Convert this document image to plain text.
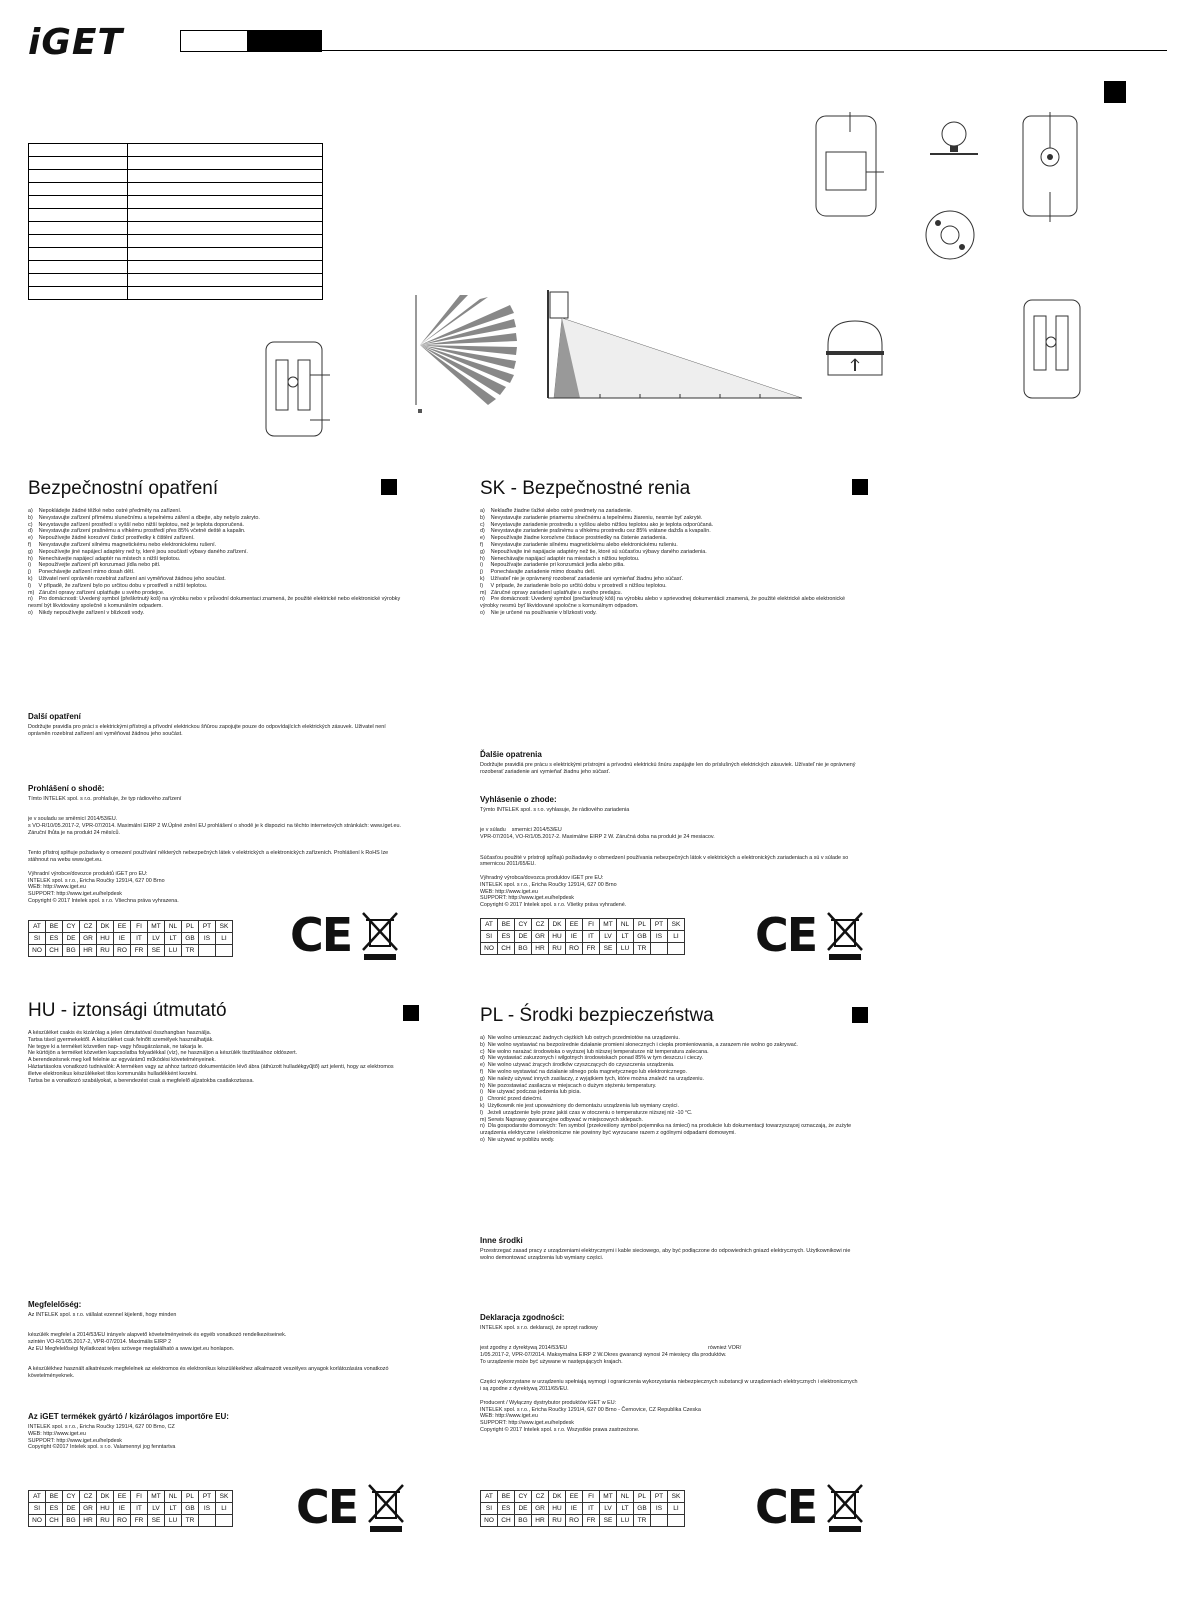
iGET

Bezpečnostní opatření
a)    Nepokládejte žádné těžké nebo ostré předměty na zařízení.
b)    Nevystavujte zařízení přímému slunečnímu a tepelnému záření a dbejte, aby nebylo zakryto.
c)    Nevystavujte zařízení prostředí s vyšší nebo nižší teplotou, než je teplota doporučená.
d)    Nevystavujte zařízení prašnému a vlhkému prostředí přes 85% včetně deště a kapalin.
e)    Nepoužívejte žádné korozivní čisticí prostředky k čištění zařízení.
f)     Nevystavujte zařízení silnému magnetickému nebo elektronickému rušení.
g)    Nepoužívejte jiné napájecí adaptéry než ty, které jsou součástí výbavy daného zařízení.
h)    Nenechávejte napájecí adaptér na místech s nižší teplotou.
i)     Nepoužívejte zařízení při konzumaci jídla nebo pití.
j)     Ponechávejte zařízení mimo dosah dětí.
k)    Uživatel není oprávněn rozebírat zařízení ani vyměňovat žádnou jeho součást.
l)     V případě, že zařízení bylo po určitou dobu v prostředí s nižší teplotou.
m)   Záruční opravy zařízení uplatňujte u svého prodejce.
n)    Pro domácnosti: Uvedený symbol (přeškrtnutý koš) na výrobku nebo v průvodní dokumentaci znamená, že použité elektrické nebo elektronické výrobky nesmí být likvidovány společně s komunálním odpadem.
o)    Nikdy nepoužívejte zařízení v blízkosti vody.
Další opatření
Dodržujte pravidla pro práci s elektrickými přístroji a přívodní elektrickou šňůrou zapojujte pouze do odpovídajících elektrických zásuvek. Uživatel není oprávněn rozebírat zařízení ani vyměňovat žádnou jeho součást.
Prohlášení o shodě:
Tímto INTELEK spol. s r.o. prohlašuje, že typ rádiového zařízení

je v souladu se směrnicí 2014/53/EU.
s VO-R/10/05.2017-2, VPR-07/2014. Maximální EIRP 2 W.Úplné znění EU prohlášení o shodě je k dispozici na těchto internetových stránkách: www.iget.eu. Záruční lhůta je na produkt 24 měsíců.

Tento přístroj splňuje požadavky o omezení používání některých nebezpečných látek v elektrických a elektronických zařízeních. Prohlášení k RoHS lze stáhnout na webu www.iget.eu.

Výhradní výrobce/dovozce produktů iGET pro EU:
INTELEK spol. s r.o., Ericha Roučky 1291/4, 627 00 Brno
WEB: http://www.iget.eu
SUPPORT: http://www.iget.eu/helpdesk
Copyright © 2017 Intelek spol. s r.o. Všechna práva vyhrazena.
AT	BE	CY	CZ	DK	EE	FI	MT	NL	PL	PT	SK
SI	ES	DE	GR	HU	IE	IT	LV	LT	GB	IS	LI
NO	CH	BG	HR	RU	RO	FR	SE	LU	TR		CE
SK - Bezpečnostné renia
a)    Neklaďte žiadne ťažké alebo ostré predmety na zariadenie.
b)    Nevystavujte zariadenie priamemu slnečnému a tepelnému žiareniu, nesmie byť zakryté.
c)    Nevystavujte zariadenie prostrediu s vyššou alebo nižšou teplotou ako je teplota odporúčaná.
d)    Nevystavujte zariadenie prašnému a vlhkému prostrediu cez 85% vrátane dažďa a kvapalín.
e)    Nepoužívajte žiadne korozívne čistiace prostriedky na čistenie zariadenia.
f)     Nevystavujte zariadenie silnému magnetickému alebo elektronickému rušeniu.
g)    Nepoužívajte iné napájacie adaptéry než tie, ktoré sú súčasťou výbavy daného zariadenia.
h)    Nenechávajte napájací adaptér na miestach s nižšou teplotou.
i)     Nepoužívajte zariadenie pri konzumácii jedla alebo pitia.
j)     Ponechávajte zariadenie mimo dosahu detí.
k)    Užívateľ nie je oprávnený rozoberať zariadenie ani vymieňať žiadnu jeho súčasť.
l)     V prípade, že zariadenie bolo po určitú dobu v prostredí s nižšou teplotou.
m)   Záručné opravy zariadení uplatňujte u svojho predajcu.
n)    Pre domácnosti: Uvedený symbol (prečiarknutý kôš) na výrobku alebo v sprievodnej dokumentácii znamená, že použité elektrické alebo elektronické výrobky nesmú byť likvidované spoločne s komunálnym odpadom.
o)    Nie je určené na používanie v blízkosti vody.
Ďalšie opatrenia
Dodržujte pravidlá pre prácu s elektrickými prístrojmi a prívodnú elektrickú šnúru zapájajte len do príslušných elektrických zásuviek. Užívateľ nie je oprávnený rozoberať zariadenie ani vymieňať žiadnu jeho súčasť.
Vyhlásenie o zhode:
Týmto INTELEK spol. s r.o. vyhlasuje, že rádiového zariadenia

je v súladu    smernici 2014/53/EU
VPR-07/2014, VO-R/1/05.2017-2. Maximálne EIRP 2 W. Záručná doba na produkt je 24 mesiacov.

Súčasťou použité v prístroji spĺňajú požiadavky o obmedzení používania nebezpečných látok v elektrických a elektronických zariadeniach a sú v súlade so smernicou 2011/65/EU.

Výhradný výrobca/dovozca produktov iGET pre EU:
INTELEK spol. s r.o., Ericha Roučky 1291/4, 627 00 Brno
WEB: http://www.iget.eu
SUPPORT: http://www.iget.eu/helpdesk
Copyright © 2017 Intelek spol. s r.o. Všetky práva vyhradené.
AT	BE	CY	CZ	DK	EE	FI	MT	NL	PL	PT	SK
SI	ES	DE	GR	HU	IE	IT	LV	LT	GB	IS	LI
NO	CH	BG	HR	RU	RO	FR	SE	LU	TR		CE
HU - iztonsági útmutató
A készüléket csakis és kizárólag a jelen útmutatóval összhangban használja.
Tartsa távol gyermekektől. A készüléket csak felnőtt személyek használhatják.
Ne tegye ki a terméket közvetlen nap- vagy hősugárzásnak, ne takarja le.
Ne kürtöjön a terméket közvetlen kapcsolatba folyadékkal (víz), ne használjon a készülék tisztításához oldószert.
A berendezésnek meg kell felelnie az egyvárámű működési követelményeinek.
Háztartásokra vonatkozó tudnivalók: A terméken vagy az ahhoz tartozó dokumentáción lévő ábra (áthúzott hulladékgyűjtő) azt jelenti, hogy az elektromos illetve elektronikus készülékeket tilos kommunális hulladékként kezelni.
Tartsa be a vonatkozó szabályokat, a berendezést csak a megfelelő aljzatokba csatlakoztassa.
Megfelelőség:
Az INTELEK spol. s r.o. vállalat ezennel kijelenti, hogy minden

készülék megfelel a 2014/53/EU irányelv alapvető követelményeinek és egyéb vonatkozó rendelkezéseinek.
szintén VO-R/1/05.2017-2, VPR-07/2014. Maximális EIRP 2
Az EU Megfelelőségi Nyilatkozat teljes szövege megtalálható a www.iget.eu honlapon.

A készülékhez használt alkatrészek megfelelnek az elektromos és elektronikus készülékekhez alkalmazott veszélyes anyagok korlátozására vonatkozó követelményeknek.
Az iGET termékek gyártó / kizárólagos importőre EU:
INTELEK spol. s r.o., Ericha Roučky 1291/4, 627 00 Brno, CZ
WEB: http://www.iget.eu
SUPPORT: http://www.iget.eu/helpdesk
Copyright ©2017 Intelek spol. s r.o. Valamennyi jog fenntartva
AT	BE	CY	CZ	DK	EE	FI	MT	NL	PL	PT	SK
SI	ES	DE	GR	HU	IE	IT	LV	LT	GB	IS	LI
NO	CH	BG	HR	RU	RO	FR	SE	LU	TR		CE
PL - Środki bezpieczeństwa
a)  Nie wolno umieszczać żadnych ciężkich lub ostrych przedmiotów na urządzeniu.
b)  Nie wolno wystawiać na bezpośrednie działanie promieni słonecznych i ciepła promieniowania, a zarazem nie wolno go zakrywać.
c)  Nie wolno narażać środowiska o wyższej lub niższej temperaturze niż temperatura zalecana.
d)  Nie wystawiać zakurzonych i wilgotnych środowiskach ponad 85% w tym deszczu i cieczy.
e)  Nie wolno używać żrących środków czyszczących do czyszczenia urządzenia.
f)   Nie wolno wystawiać na działanie silnego pola magnetycznego lub elektronicznego.
g)  Nie należy używać innych zasilaczy, z wyjątkiem tych, które można znaleźć na urządzeniu.
h)  Nie pozostawiać zasilacza w miejscach o dużym stężeniu temperatury.
i)   Nie używać podczas jedzenia lub picia.
j)   Chronić przed dziećmi.
k)  Użytkownik nie jest upoważniony do demontażu urządzenia lub wymiany części.
l)   Jeżeli urządzenie było przez jakiś czas w otoczeniu o temperaturze niższej niż -10 °C.
m) Serwis Naprawy gwarancyjne odbywać w miejscowych sklepach.
n)  Dla gospodarstw domowych: Ten symbol (przekreślony symbol pojemnika na śmieci) na produkcie lub dokumentacji towarzyszącej oznaczają, że zużyte urządzenia elektryczne i elektroniczne nie powinny być wyrzucane razem z ogólnymi odpadami domowymi.
o)  Nie używać w pobliżu wody.
Inne środki
Przestrzegać zasad pracy z urządzeniami elektrycznymi i kable sieciowego, aby być podłączone do odpowiednich gniazd elektrycznych. Użytkownikowi nie wolno demontować urządzenia lub wymiany części.
Deklaracja zgodności:
INTELEK spol. s r.o. deklaracji, że sprzęt radiowy

jest zgodny z dyrektywą 2014/53/EU                                                                                              również VOR/
1/05.2017-2, VPR-07/2014. Maksymalna EIRP 2 W.Okres gwarancji wynosi 24 miesięcy dla produktów.
To urządzenie może być używane w następujących krajach.

Części wykorzystane w urządzeniu spełniają wymogi i ograniczenia wykorzystania niebezpiecznych substancji w urządzeniach elektrycznych i elektronicznych i są zgodne z dyrektywą 2011/65/EU.

Producent / Wyłączny dystrybutor produktów iGET w EU:
INTELEK spol. s r.o., Ericha Roučky 1291/4, 627 00 Brno - Černovice, CZ Republika Czeska
WEB: http://www.iget.eu
SUPPORT: http://www.iget.eu/helpdesk
Copyright © 2017 Intelek spol. s r.o. Wszystkie prawa zastrzeżone.
AT	BE	CY	CZ	DK	EE	FI	MT	NL	PL	PT	SK
SI	ES	DE	GR	HU	IE	IT	LV	LT	GB	IS	LI
NO	CH	BG	HR	RU	RO	FR	SE	LU	TR		CE
